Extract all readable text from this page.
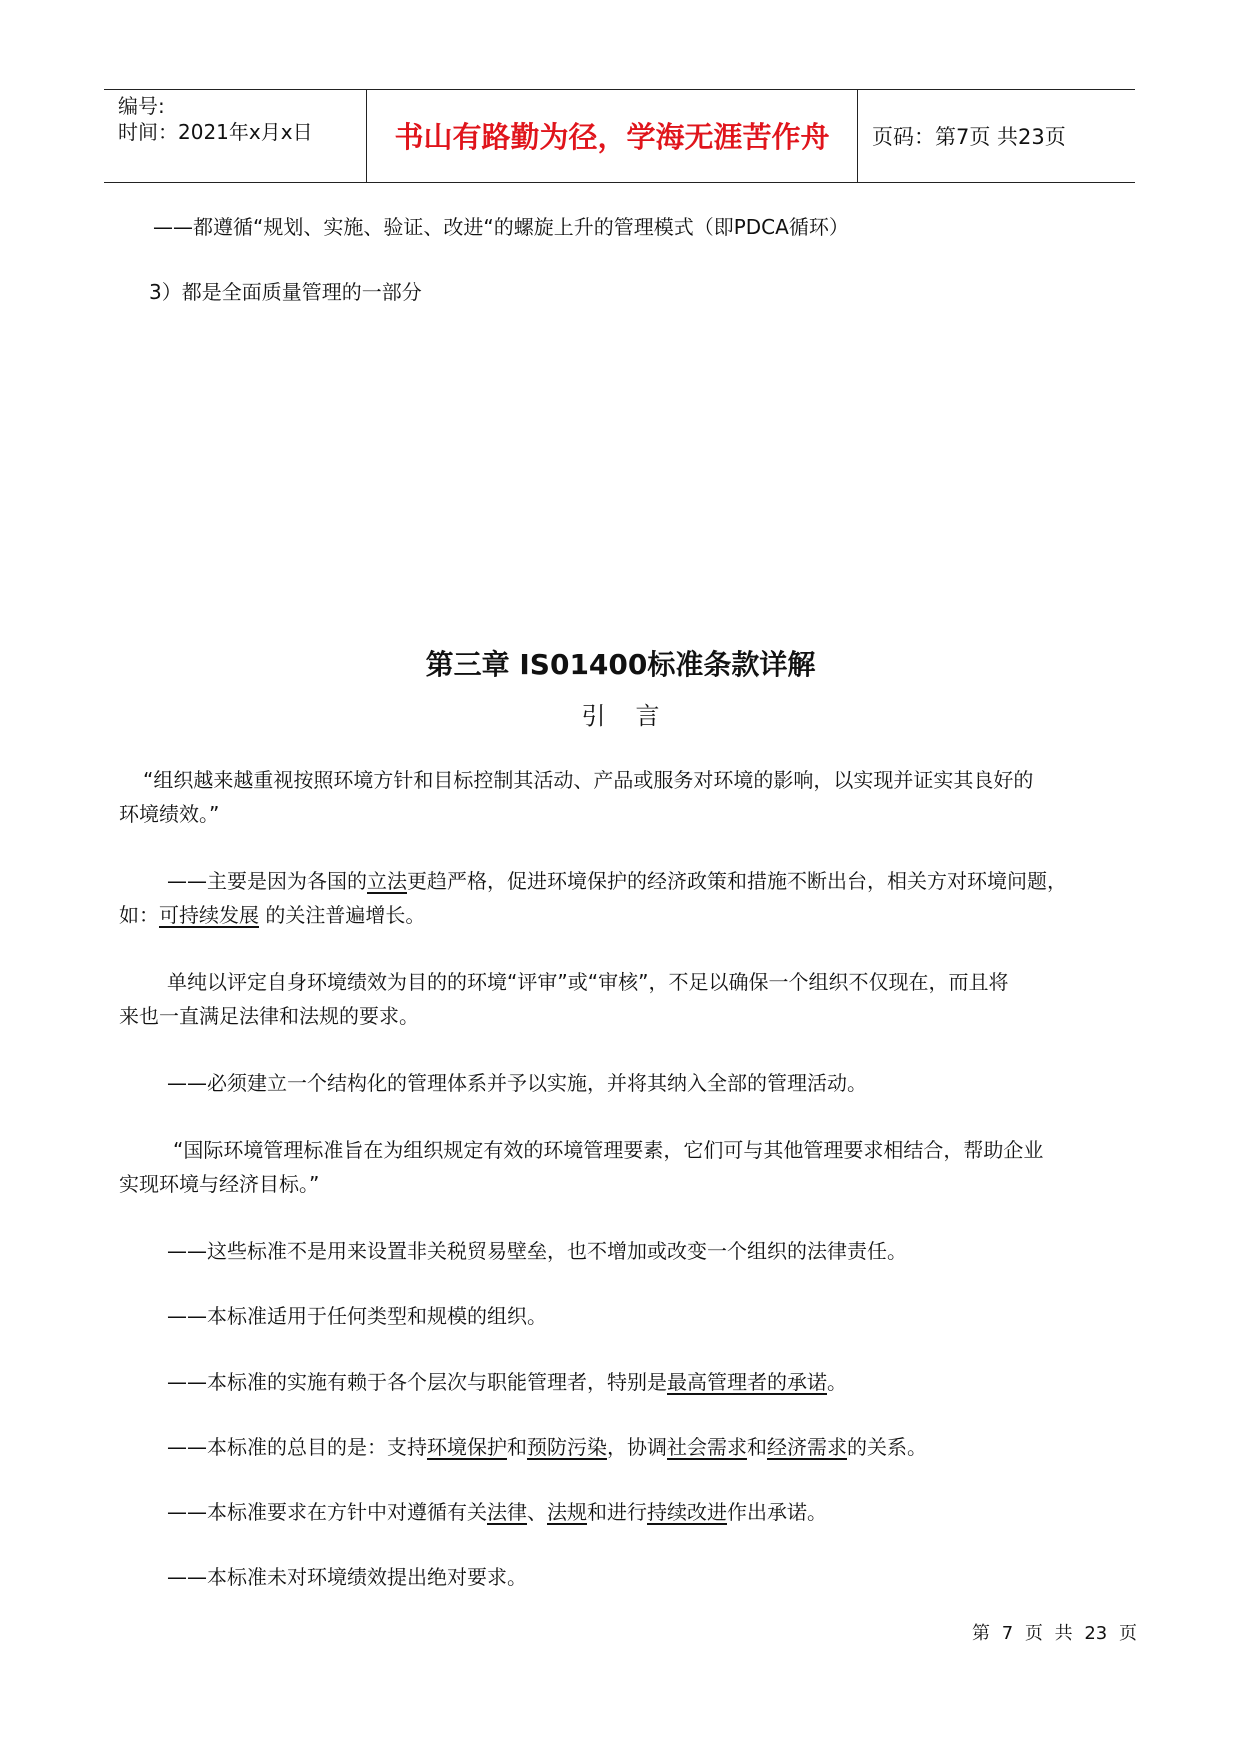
编号:
时间：2021年x月x日	书山有路勤为径，学海无涯苦作舟	页码：第7页 共23页
——都遵循“规划、实施、验证、改进“的螺旋上升的管理模式（即PDCA循环）
3）都是全面质量管理的一部分
第三章 IS01400标准条款详解
引言
“组织越来越重视按照环境方针和目标控制其活动、产品或服务对环境的影响，以实现并证实其良好的
环境绩效。”
——主要是因为各国的立法更趋严格，促进环境保护的经济政策和措施不断出台，相关方对环境问题，
如：可持续发展 的关注普遍增长。
单纯以评定自身环境绩效为目的的环境“评审”或“审核”，不足以确保一个组织不仅现在，而且将
来也一直满足法律和法规的要求。
——必须建立一个结构化的管理体系并予以实施，并将其纳入全部的管理活动。
“国际环境管理标准旨在为组织规定有效的环境管理要素，它们可与其他管理要求相结合，帮助企业
实现环境与经济目标。”
——这些标准不是用来设置非关税贸易壁垒，也不增加或改变一个组织的法律责任。
——本标准适用于任何类型和规模的组织。
——本标准的实施有赖于各个层次与职能管理者，特别是最高管理者的承诺。
——本标准的总目的是：支持环境保护和预防污染，协调社会需求和经济需求的关系。
——本标准要求在方针中对遵循有关法律、法规和进行持续改进作出承诺。
——本标准未对环境绩效提出绝对要求。
第 7 页 共 23 页
